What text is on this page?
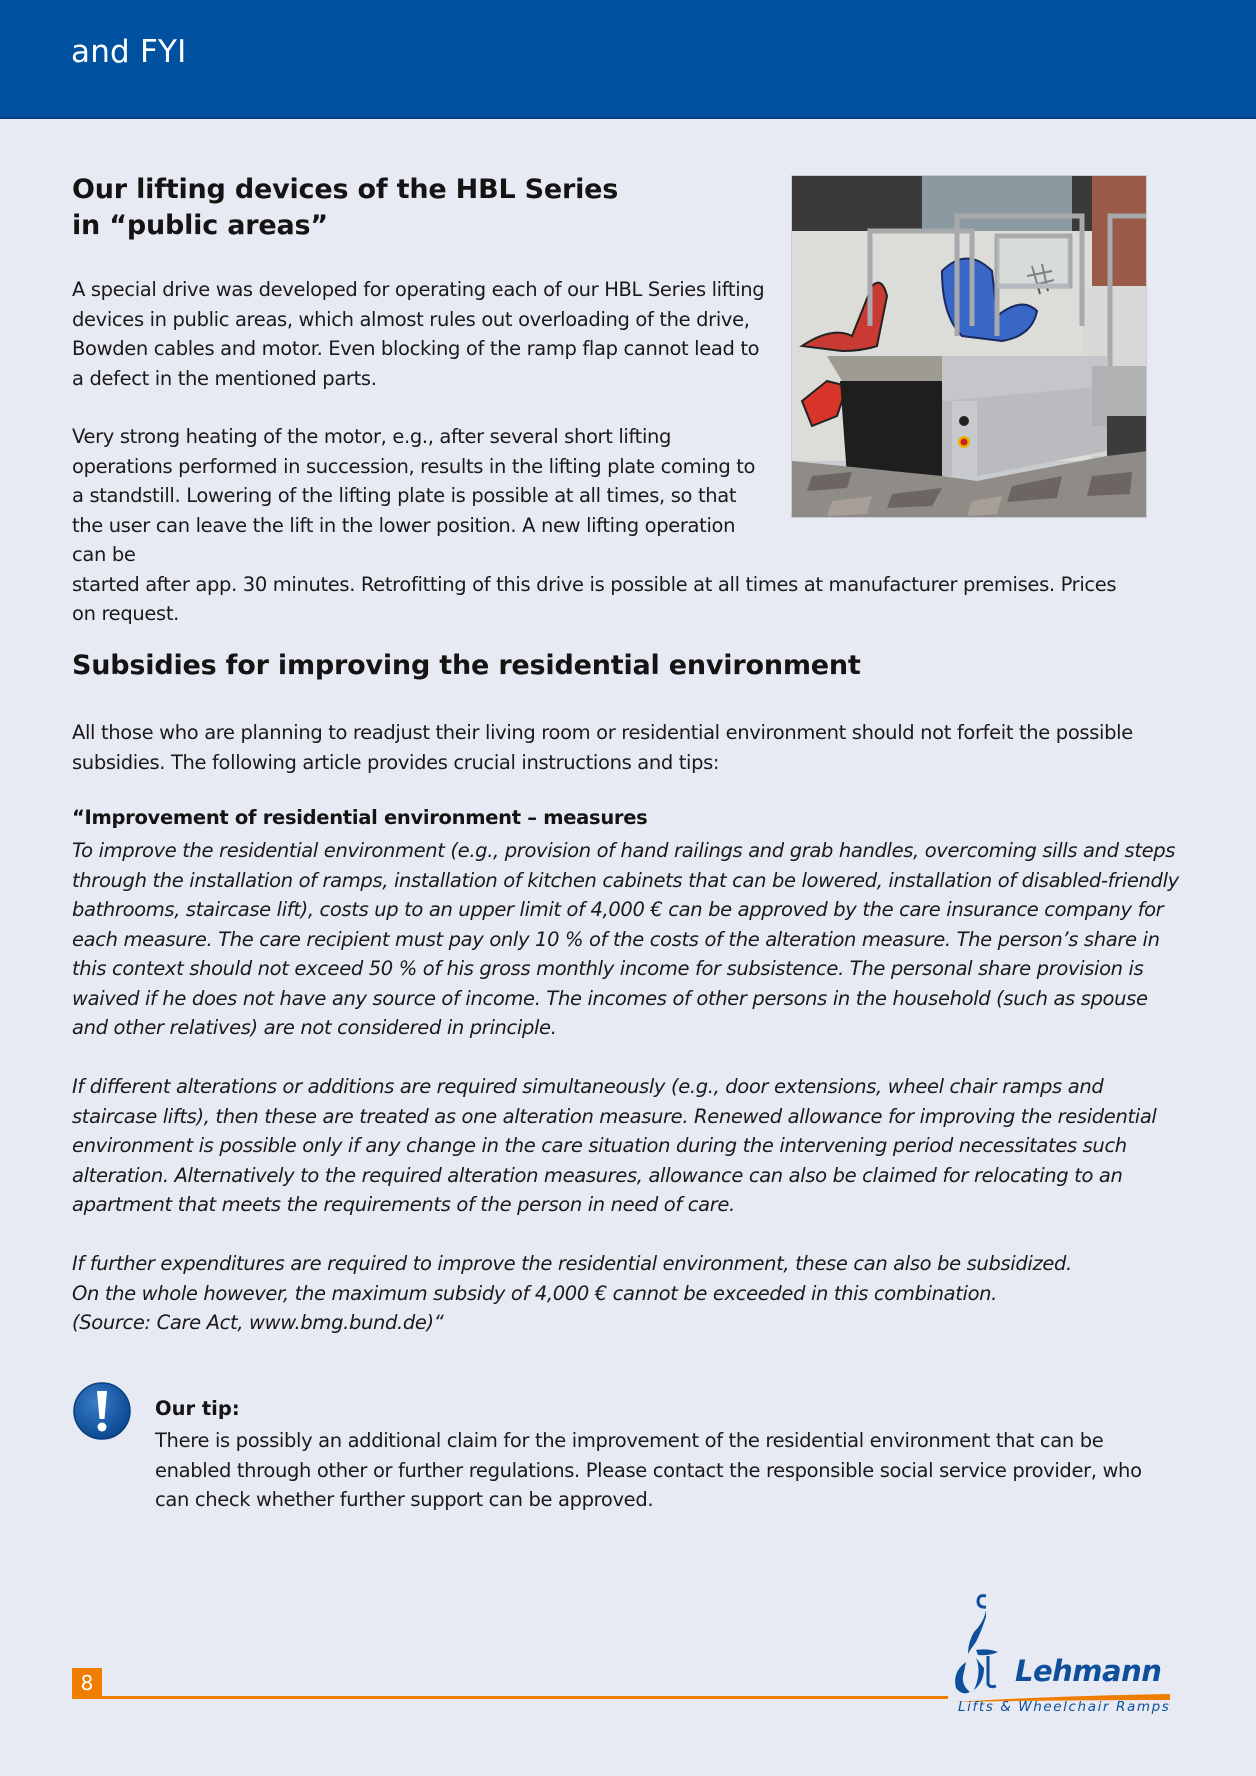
and FYI
Our lifting devices of the HBL Series
in “public areas”

A special drive was developed for operating each of our HBL Series lifting devices in public areas, which almost rules out overloading of the drive, Bowden cables and motor. Even blocking of the ramp flap cannot lead to a defect in the mentioned parts.

Very strong heating of the motor, e.g., after several short lifting operations performed in succession, results in the lifting plate coming to a standstill. Lowering of the lifting plate is possible at all times, so that the user can leave the lift in the lower position. A new lifting operation can be
started after app. 30 minutes. Retrofitting of this drive is possible at all times at manufacturer premises. Prices on request.

Subsidies for improving the residential environment

All those who are planning to readjust their living room or residential environment should not forfeit the possible subsidies. The following article provides crucial instructions and tips:

“Improvement of residential environment – measures

To improve the residential environment (e.g., provision of hand railings and grab handles, overcoming sills and steps through the installation of ramps, installation of kitchen cabinets that can be lowered, installation of disabled-friendly bathrooms, staircase lift), costs up to an upper limit of 4,000 € can be approved by the care insurance company for each measure. The care recipient must pay only 10 % of the costs of the alteration measure. The person’s share in this context should not exceed 50 % of his gross monthly income for subsistence. The personal share provision is waived if he does not have any source of income. The incomes of other persons in the household (such as spouse and other relatives) are not considered in principle.

If different alterations or additions are required simultaneously (e.g., door extensions, wheel chair ramps and staircase lifts), then these are treated as one alteration measure. Renewed allowance for improving the residential environment is possible only if any change in the care situation during the intervening period necessitates such alteration. Alternatively to the required alteration measures, allowance can also be claimed for relocating to an apartment that meets the requirements of the person in need of care.

If further expenditures are required to improve the residential environment, these can also be subsidized.
On the whole however, the maximum subsidy of 4,000 € cannot be exceeded in this combination.
(Source: Care Act, www.bmg.bund.de)“

Our tip:

There is possibly an additional claim for the improvement of the residential environment that can be enabled through other or further regulations. Please contact the responsible social service provider, who can check whether further support can be approved.

8	Lehmann
Lifts & Wheelchair Ramps
